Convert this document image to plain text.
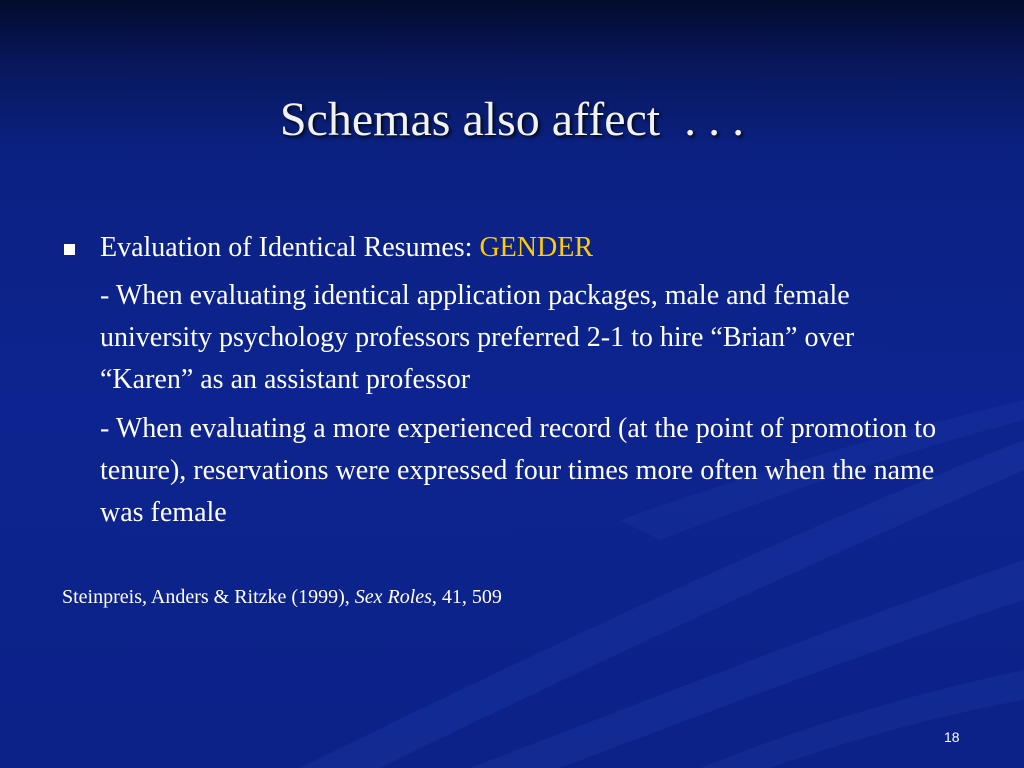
Schemas also affect  . . .
Evaluation of Identical Resumes: GENDER
- When evaluating identical application packages, male and female university psychology professors preferred 2-1 to hire “Brian” over “Karen” as an assistant professor
- When evaluating a more experienced record (at the point of promotion to tenure), reservations were expressed four times more often when the name was female
Steinpreis, Anders & Ritzke (1999), Sex Roles, 41, 509
18
